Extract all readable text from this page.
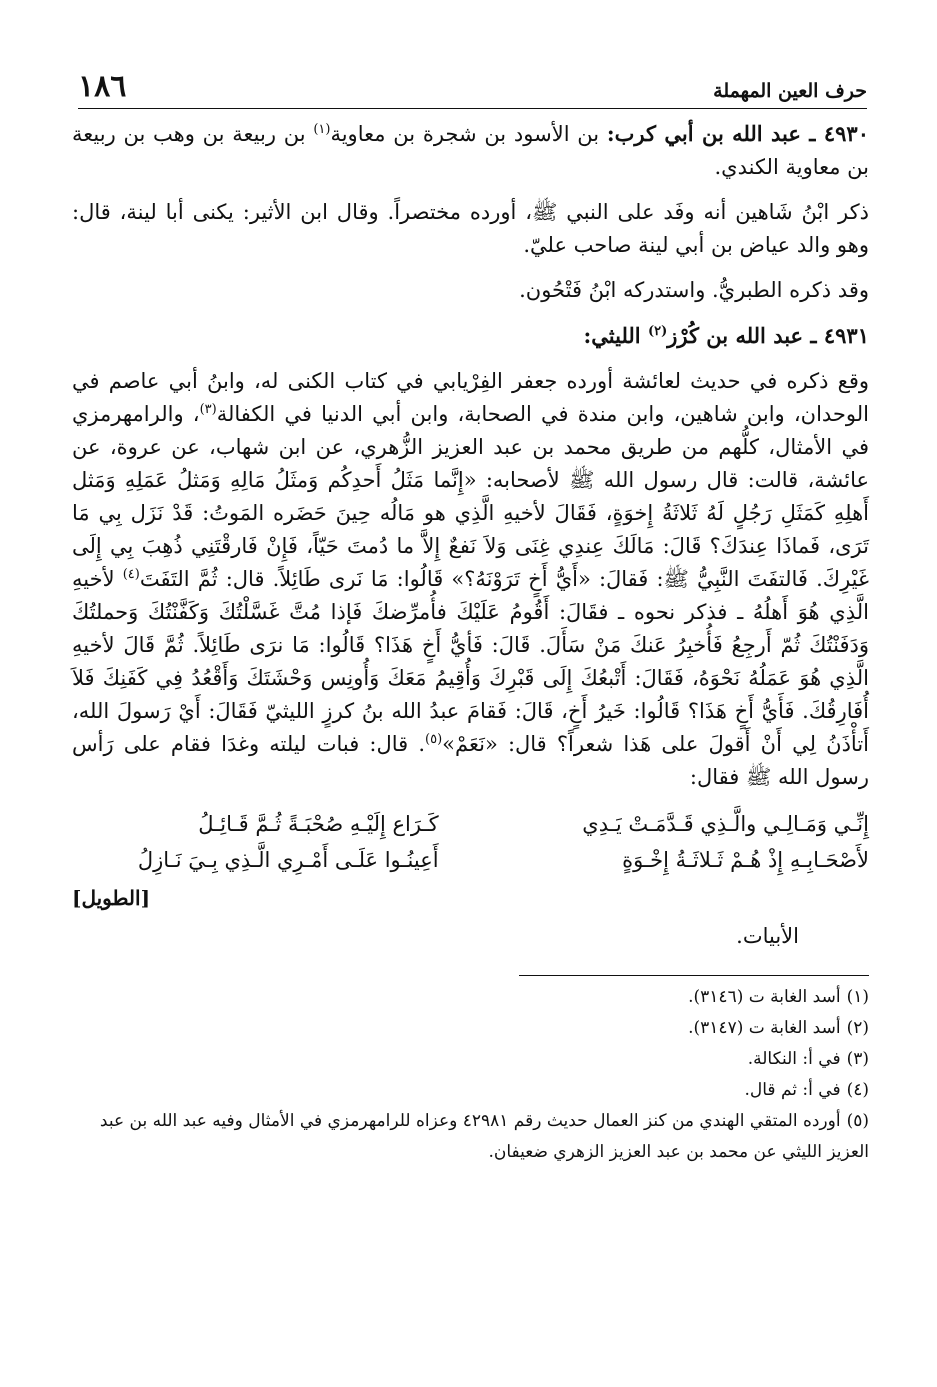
حرف العين المهملة
١٨٦

٤٩٣٠ ـ عبد الله بن أبي كرب: بن الأسود بن شجرة بن معاوية$^{(١)}$ بن ربيعة بن وهب بن ربيعة بن معاوية الكندي.

ذكر ابْنُ شَاهين أنه وفَد على النبي ﷺ، أورده مختصراً. وقال ابن الأثير: يكنى أبا لينة، قال: وهو والد عياض بن أبي لينة صاحب عليّ.

وقد ذكره الطبريُّ. واستدركه ابْنُ فَتْحُون.

٤٩٣١ ـ عبد الله بن كُرْز$^{(٢)}$ الليثي:

وقع ذكره في حديث لعائشة أورده جعفر الفِرْيابي في كتاب الكنى له، وابنُ أبي عاصم في الوحدان، وابن شاهين، وابن مندة في الصحابة، وابن أبي الدنيا في الكفالة$^{(٣)}$، والرامهرمزي في الأمثال، كلُّهم من طريق محمد بن عبد العزيز الزُّهري، عن ابن شهاب، عن عروة، عن عائشة، قالت: قال رسول الله ﷺ لأصحابه: «إِنَّما مَثَلُ أَحدِكُم وَمثَلُ مَالِهِ وَمَثلُ عَمَلِهِ وَمَثل أَهلِهِ كَمَثَلِ رَجُلٍ لَهُ ثَلاثَةُ إِخوَةٍ، فَقَالَ لأخيهِ الَّذِي هو مَالُه حِينَ حَضَره المَوتُ: قَدْ نَزَل بِي مَا تَرَى، فَماذَا عِندَكَ؟ قَالَ: مَالَكَ عِندِي غِنَى وَلاَ نَفعٌ إِلاَّ ما دُمتَ حَيّاً، فَإِنْ فَارقْتَنِي ذُهِبَ بِي إِلَى غَيْرِكَ. فَالتفَتَ النَّبِيُّ ﷺ: فَقالَ: «أَيُّ أَخٍ تَرَوْنَهُ؟» قَالُوا: مَا نَرى طَائِلاً. قال: ثُمَّ التَفَتَ$^{(٤)}$ لأخيهِ الَّذِي هُوَ أَهلُهُ ـ فذكر نحوه ـ فقَالَ: أَقُومُ عَلَيْكَ فأُمرِّضكَ فَإذا مُتَّ غَسَّلْتُكَ وَكَفَّنْتُكَ وَحملتُكَ وَدَفَنْتُكَ ثُمّ أَرجِعُ فَأُخبِرُ عَنكَ مَنْ سَأَلَ. قَالَ: فَأيُّ أَخٍ هَذَا؟ قَالُوا: مَا نرَى طَائِلاً. ثُمَّ قَالَ لأخيهِ الَّذِي هُوَ عَمَلُهُ نَحْوَهُ، فَقَالَ: أَتْبعُكَ إِلَى قَبْرِكَ وَأُقِيمُ مَعَكَ وَأُونِس وَحْشَتَكَ وَأَقْعُدُ فِي كَفَنِكَ فَلاَ أُفَارِقُكَ. فَأَيُّ أَخٍ هَذَا؟ قَالُوا: خَيرُ أَخٍ، قَالَ: فَقامَ عبدُ الله بنُ كرزٍ الليثيّ فَقَالَ: أَيْ رَسولَ الله، أَتأْذَنُ لِي أَنْ أَقولَ على هَذا شعراً؟ قال: «نَعَمْ»$^{(٥)}$. قال: فبات ليلته وغدَا فقام على رَأس رسول الله ﷺ فقال:

إِنِّـي وَمَـالِـي والَّـذِي قَـدَّمَـتْ يَـدِي
كَـرَاع إِلَيْـهِ صُحْبَـةً ثُـمَّ قَـائِـلُ
لأَصْحَـابِـهِ إِذْ هُـمْ ثَـلاثَـةُ إِخْـوَةٍ
أَعِينُـوا عَلَـى أَمْـرِي الَّـذِي بِـيَ نَـازِلُ
[الطويل]
الأبيات.

(١)أسد الغابة ت (٣١٤٦).

(٢)أسد الغابة ت (٣١٤٧).

(٣)في أ: النكالة.

(٤)في أ: ثم قال.

(٥)أورده المتقي الهندي من كنز العمال حديث رقم ٤٢٩٨١ وعزاه للرامهرمزي في الأمثال وفيه عبد الله بن عبد العزيز الليثي عن محمد بن عبد العزيز الزهري ضعيفان.
